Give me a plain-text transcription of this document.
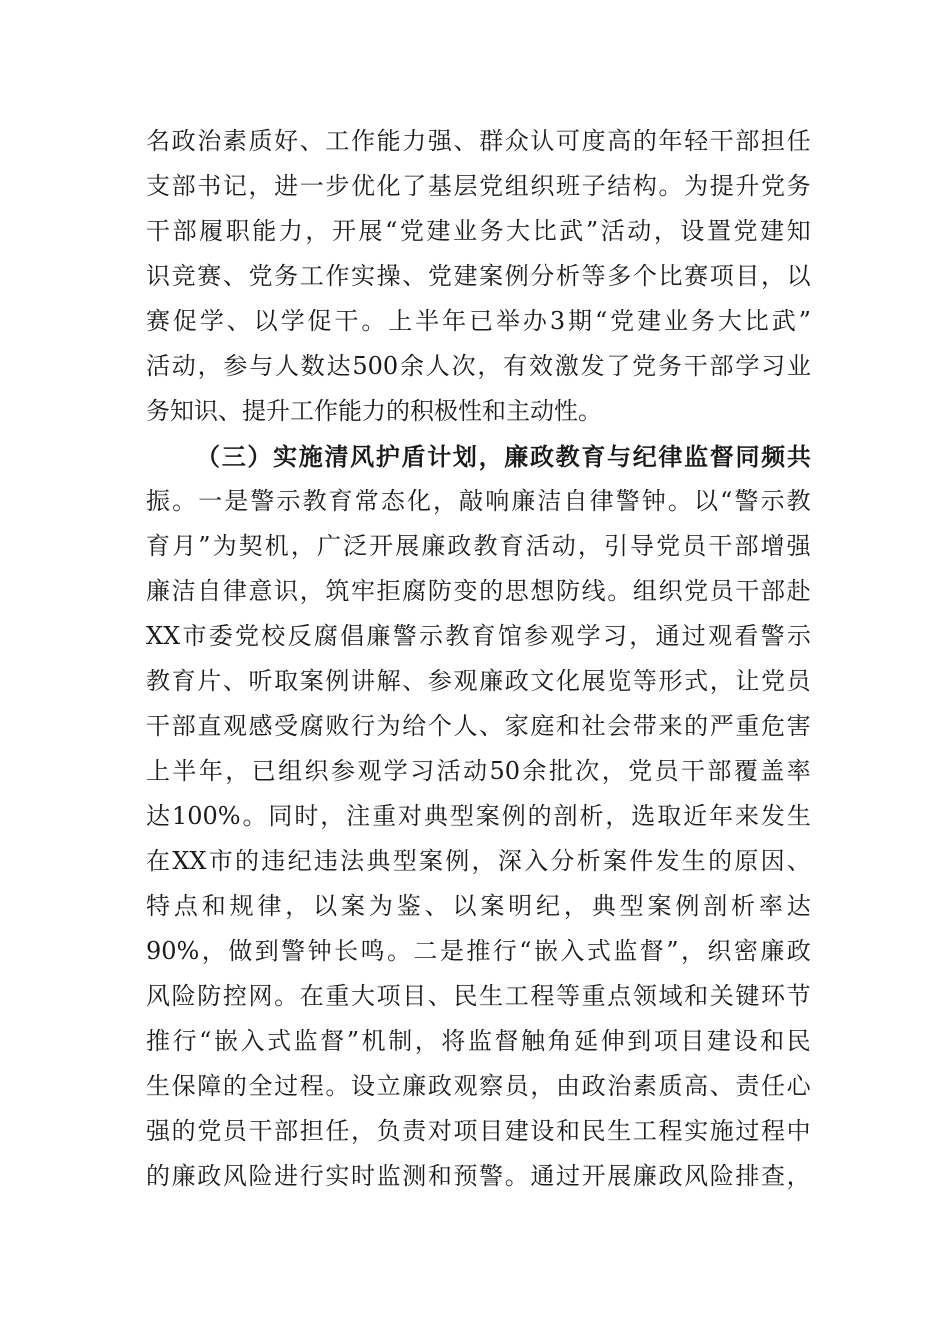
名 政 治 素 质 好 、 工 作 能 力 强 、 群 众 认 可 度 高 的 年 轻 干 部 担 任
支 部 书 记 ， 进 一 步 优 化 了 基 层 党 组 织 班 子 结 构 。 为 提 升 党 务
干 部 履 职 能 力 ， 开 展 “ 党 建 业 务 大 比 武 ” 活 动 ， 设 置 党 建 知
识 竞 赛 、 党 务 工 作 实 操 、 党 建 案 例 分 析 等 多 个 比 赛 项 目 ， 以
赛 促 学 、 以 学 促 干 。 上 半 年 已 举 办 3 期 “ 党 建 业 务 大 比 武 ”
活 动 ， 参 与 人 数 达 500 余 人 次 ， 有 效 激 发 了 党 务 干 部 学 习 业
务知识、提升工作能力的积极性和主动性。
（ 三 ） 实 施 清 风 护 盾 计 划 ， 廉 政 教 育 与 纪 律 监 督 同 频 共
振 。 一 是 警 示 教 育 常 态 化 ， 敲 响 廉 洁 自 律 警 钟 。 以 “ 警 示 教
育 月 ” 为 契 机 ， 广 泛 开 展 廉 政 教 育 活 动 ， 引 导 党 员 干 部 增 强
廉 洁 自 律 意 识 ， 筑 牢 拒 腐 防 变 的 思 想 防 线 。 组 织 党 员 干 部 赴
XX 市 委 党 校 反 腐 倡 廉 警 示 教 育 馆 参 观 学 习 ， 通 过 观 看 警 示
教 育 片 、 听 取 案 例 讲 解 、 参 观 廉 政 文 化 展 览 等 形 式 ， 让 党 员
干 部 直 观 感 受 腐 败 行 为 给 个 人 、 家 庭 和 社 会 带 来 的 严 重 危 害
上 半 年 ， 已 组 织 参 观 学 习 活 动 50 余 批 次 ， 党 员 干 部 覆 盖 率
达 100% 。 同 时 ， 注 重 对 典 型 案 例 的 剖 析 ， 选 取 近 年 来 发 生
在 XX 市 的 违 纪 违 法 典 型 案 例 ， 深 入 分 析 案 件 发 生 的 原 因 、
特 点 和 规 律 ， 以 案 为 鉴 、 以 案 明 纪 ， 典 型 案 例 剖 析 率 达
90% ， 做 到 警 钟 长 鸣 。 二 是 推 行 “ 嵌 入 式 监 督 ” ， 织 密 廉 政
风 险 防 控 网 。 在 重 大 项 目 、 民 生 工 程 等 重 点 领 域 和 关 键 环 节
推 行 “ 嵌 入 式 监 督 ” 机 制 ， 将 监 督 触 角 延 伸 到 项 目 建 设 和 民
生 保 障 的 全 过 程 。 设 立 廉 政 观 察 员 ， 由 政 治 素 质 高 、 责 任 心
强 的 党 员 干 部 担 任 ， 负 责 对 项 目 建 设 和 民 生 工 程 实 施 过 程 中
的 廉 政 风 险 进 行 实 时 监 测 和 预 警 。 通 过 开 展 廉 政 风 险 排 查 ，
